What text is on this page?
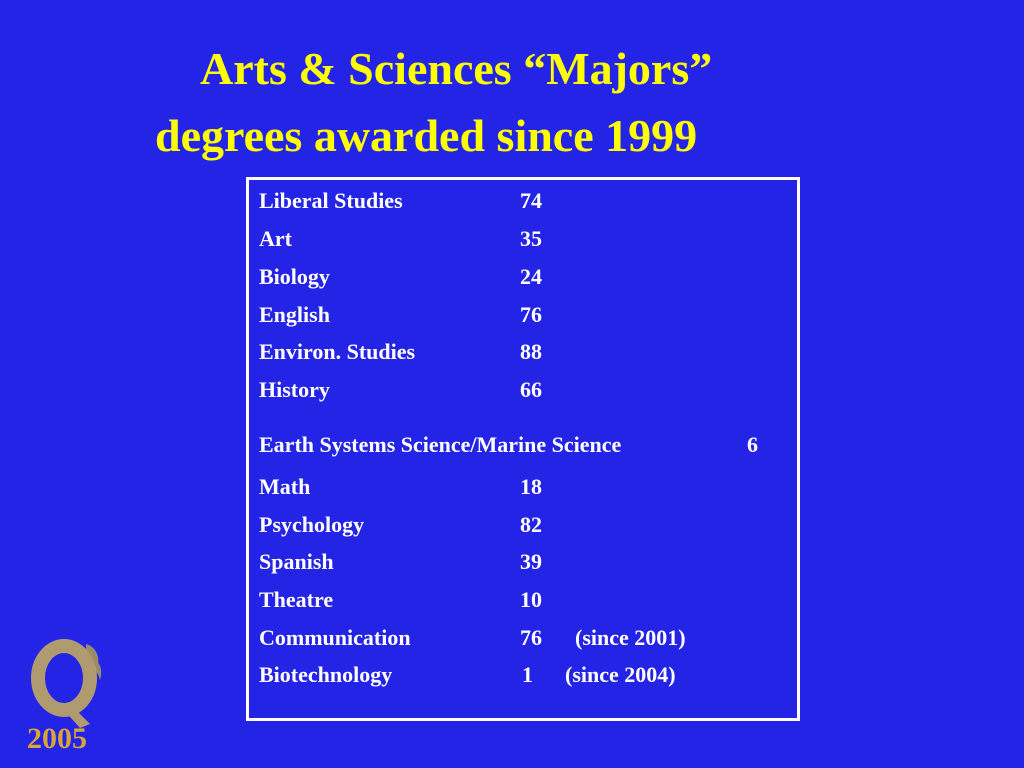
Arts & Sciences “Majors”
degrees awarded since 1999
Liberal Studies	74
Art	35
Biology	24
English	76
Environ. Studies	88
History	66
Earth Systems Science/Marine Science	6
Math	18
Psychology	82
Spanish	39
Theatre	10
Communication	76 (since 2001)
Biotechnology	1 (since 2004)
2005
